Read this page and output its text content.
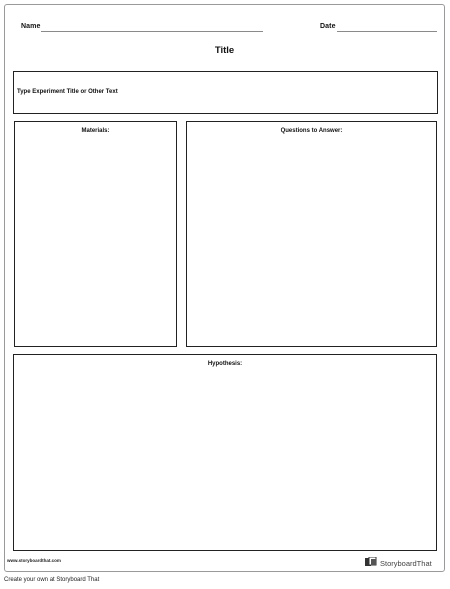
Name	Date
Title
Type Experiment Title or Other Text
Materials:	Questions to Answer:
Hypothesis:
www.storyboardthat.com	StoryboardThat
Create your own at Storyboard That
